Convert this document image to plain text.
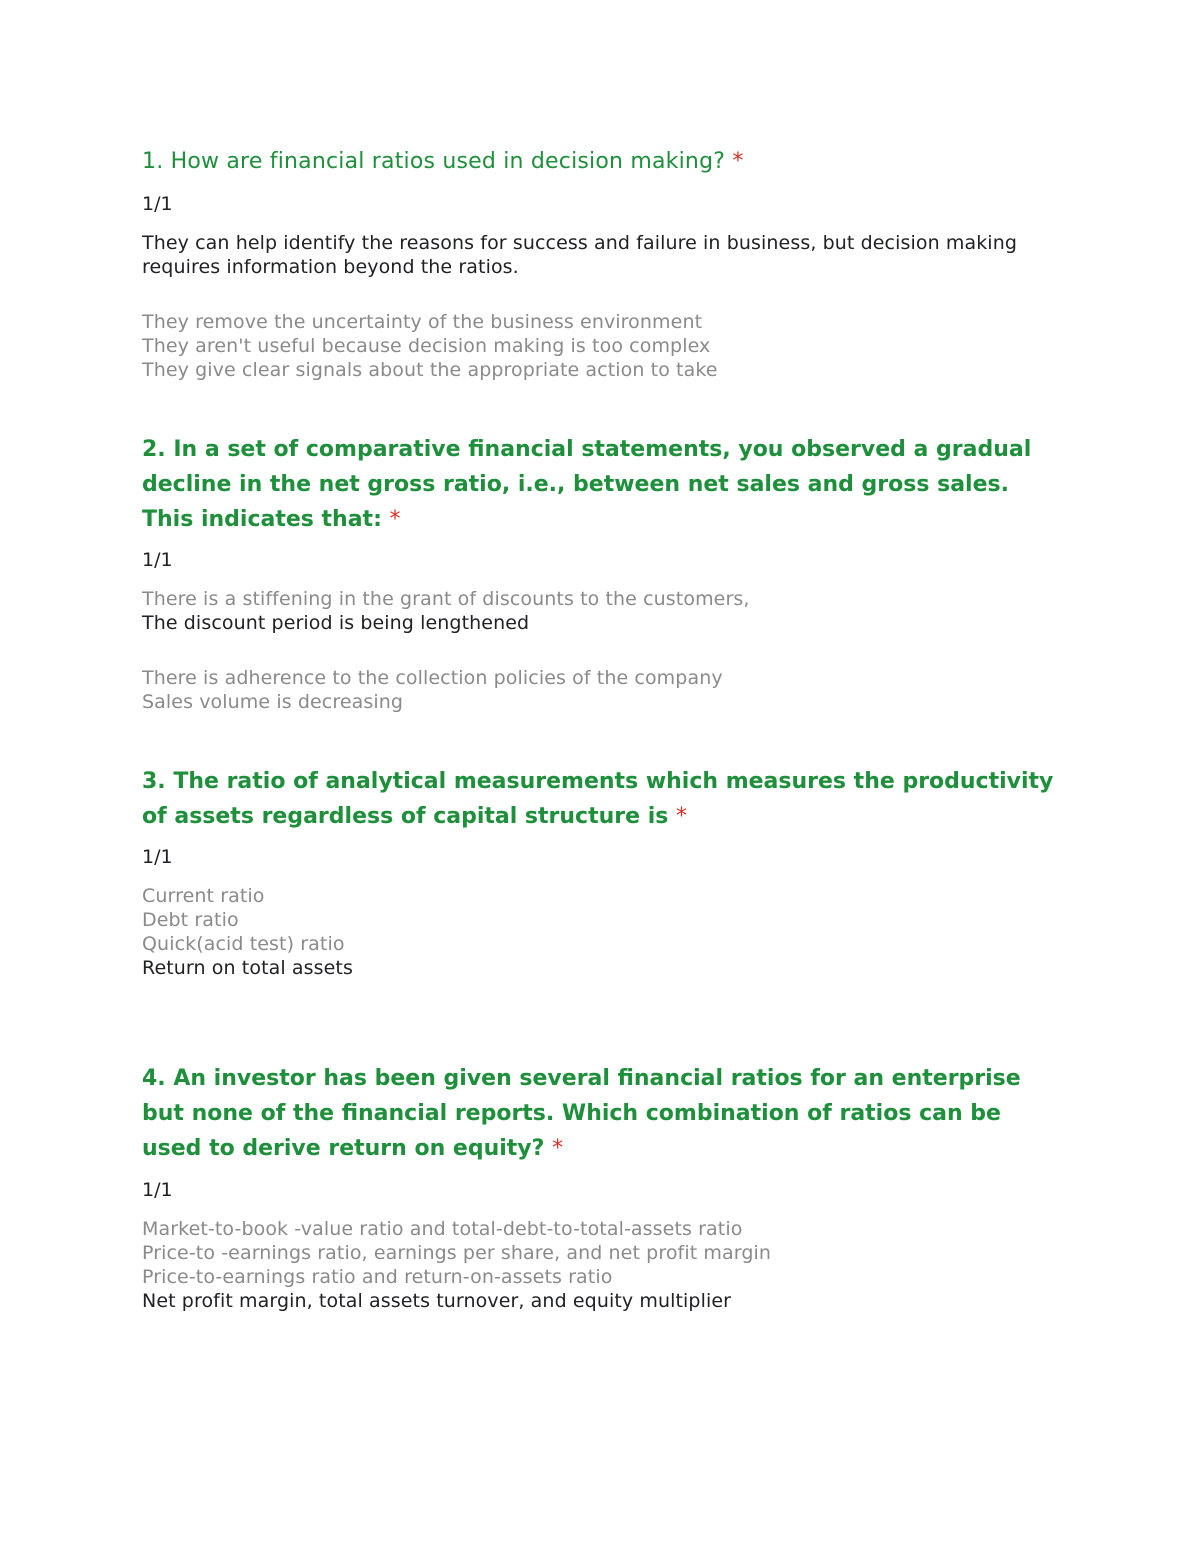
1. How are financial ratios used in decision making? *

1/1

They can help identify the reasons for success and failure in business, but decision making requires information beyond the ratios.
They remove the uncertainty of the business environment
They aren't useful because decision making is too complex
They give clear signals about the appropriate action to take
2. In a set of comparative financial statements, you observed a gradual decline in the net gross ratio, i.e., between net sales and gross sales. This indicates that: *

1/1

There is a stiffening in the grant of discounts to the customers,
The discount period is being lengthened
There is adherence to the collection policies of the company
Sales volume is decreasing
3. The ratio of analytical measurements which measures the productivity of assets regardless of capital structure is *

1/1

Current ratio
Debt ratio
Quick(acid test) ratio
Return on total assets
4. An investor has been given several financial ratios for an enterprise but none of the financial reports. Which combination of ratios can be used to derive return on equity? *

1/1

Market-to-book -value ratio and total-debt-to-total-assets ratio
Price-to -earnings ratio, earnings per share, and net profit margin
Price-to-earnings ratio and return-on-assets ratio
Net profit margin, total assets turnover, and equity multiplier
